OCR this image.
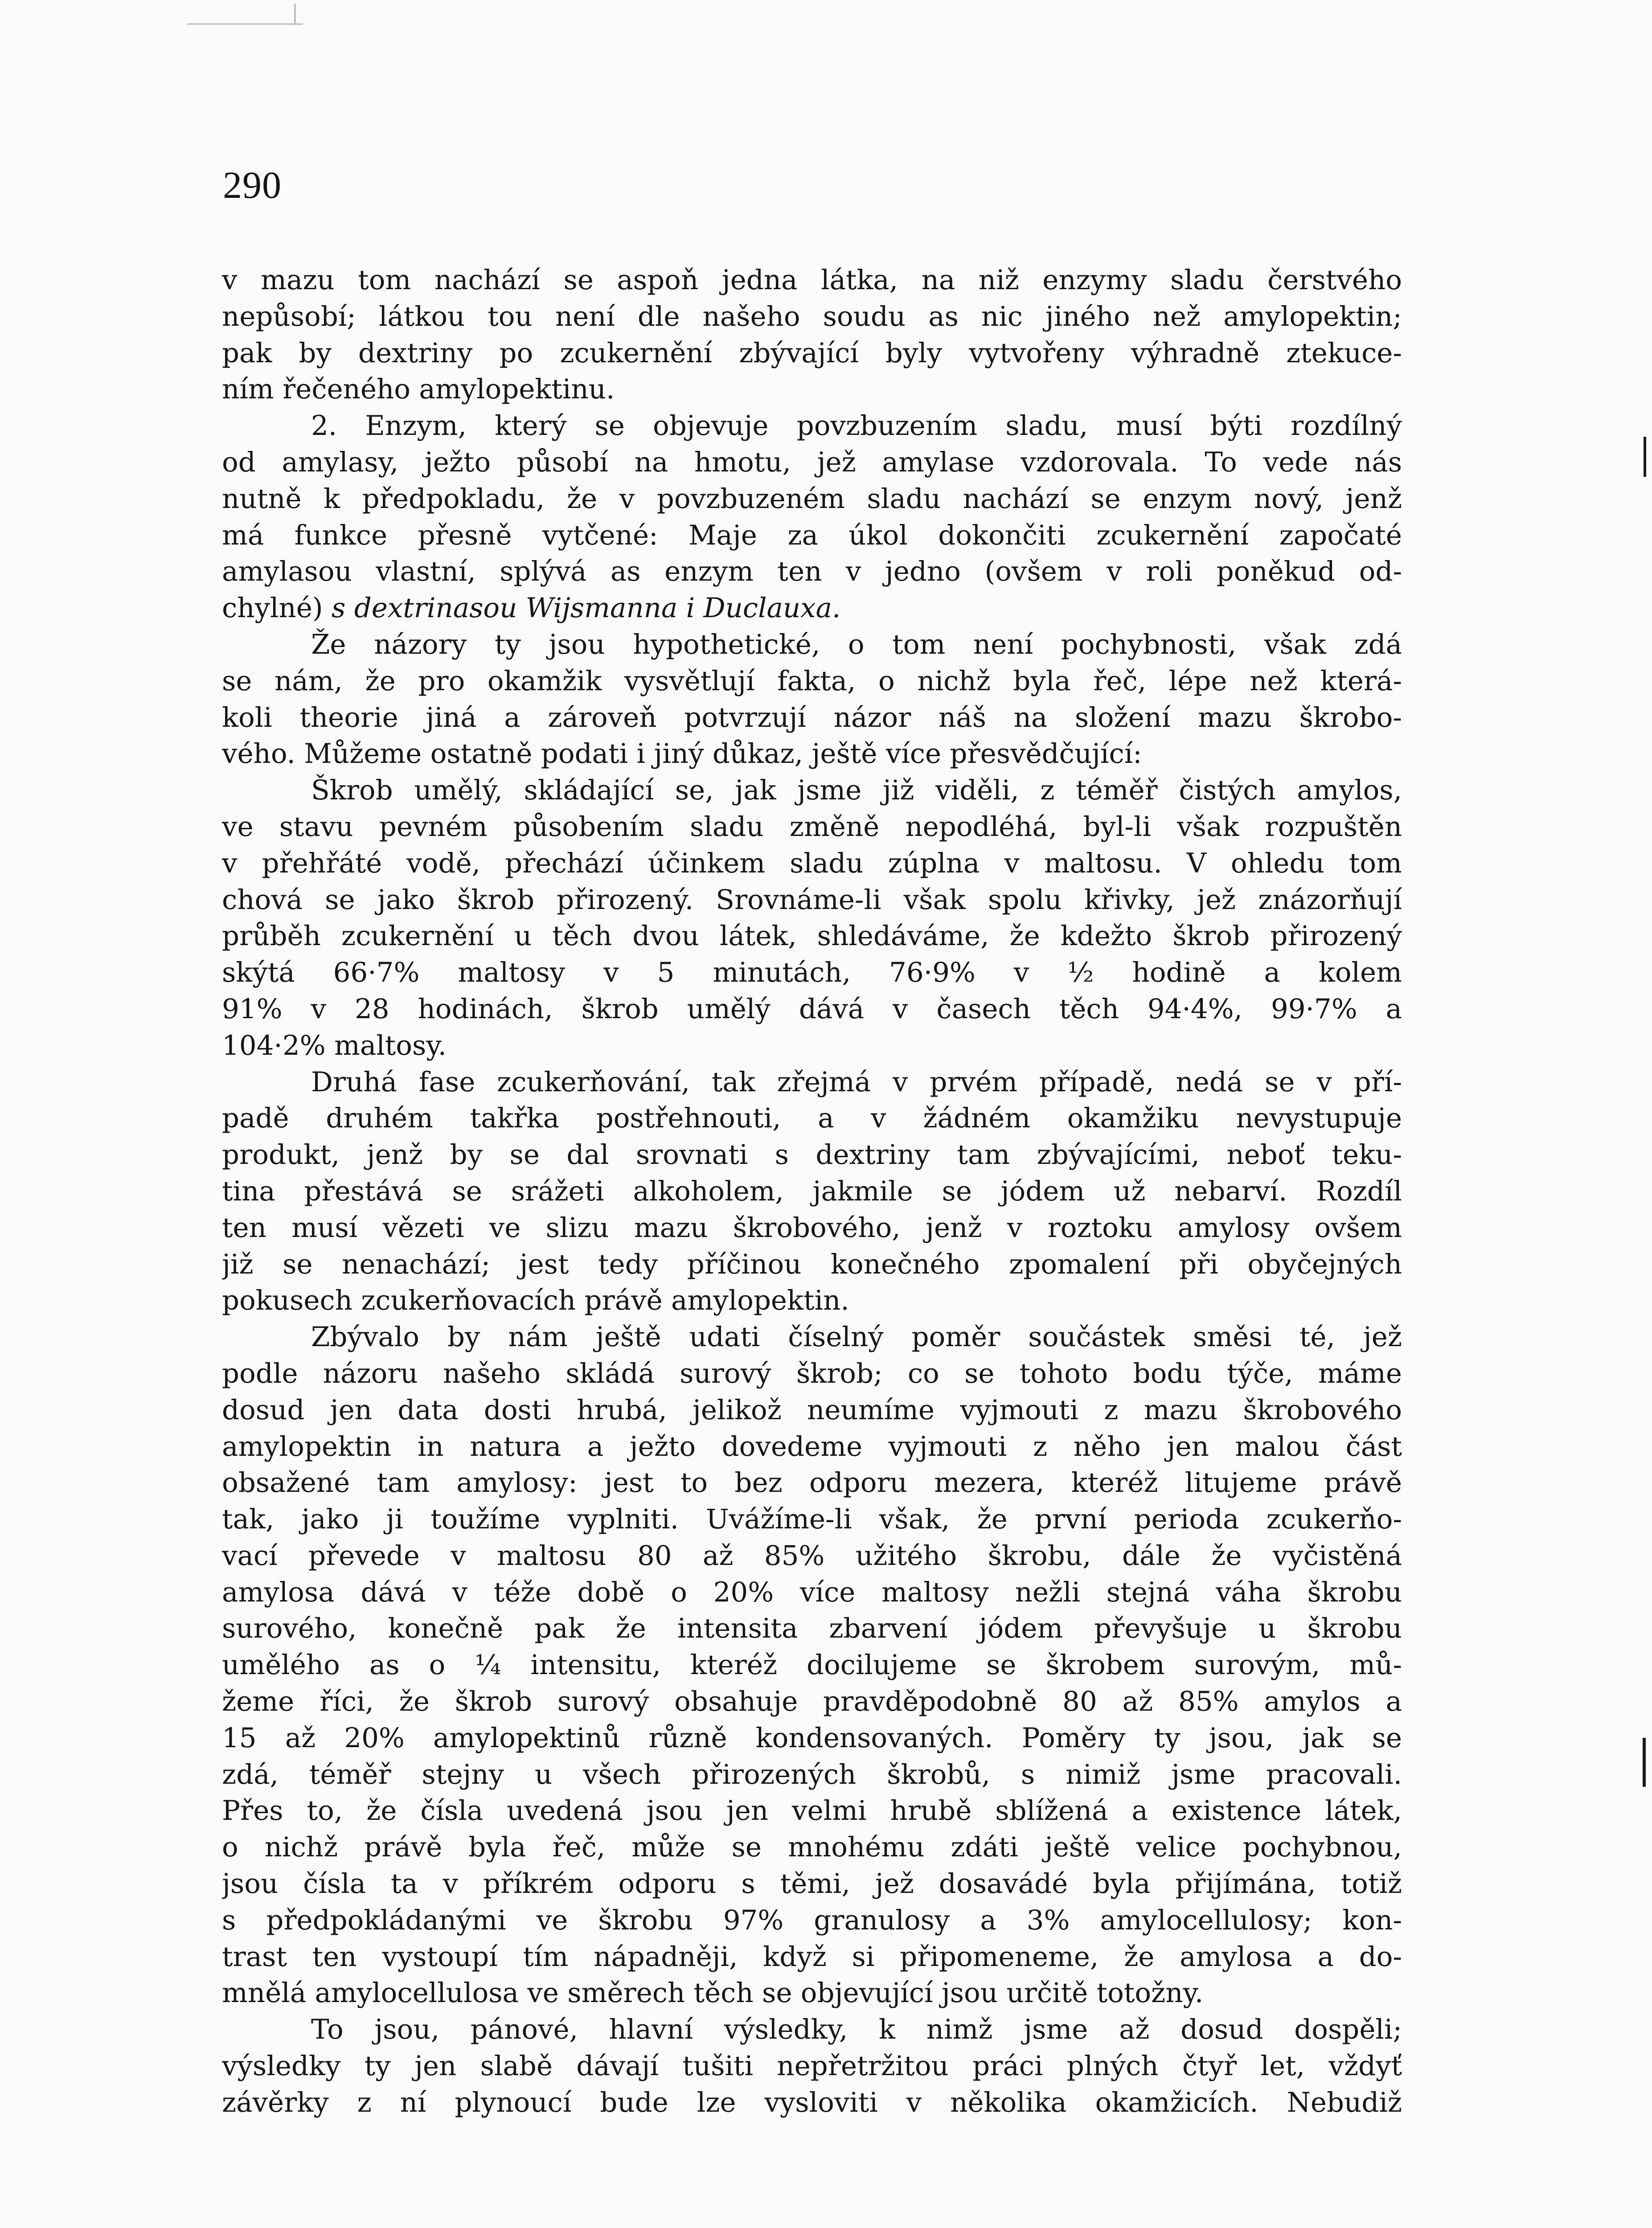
290
v mazu tom nachází se aspoň jedna látka, na niž enzymy sladu čerstvého
nepůsobí; látkou tou není dle našeho soudu as nic jiného než amylopektin;
pak by dextriny po zcukernění zbývající byly vytvořeny výhradně ztekuce-
ním řečeného amylopektinu.
2. Enzym, který se objevuje povzbuzením sladu, musí býti rozdílný
od amylasy, ježto působí na hmotu, jež amylase vzdorovala. To vede nás
nutně k předpokladu, že v povzbuzeném sladu nachází se enzym nový, jenž
má funkce přesně vytčené: Maje za úkol dokončiti zcukernění započaté
amylasou vlastní, splývá as enzym ten v jedno (ovšem v roli poněkud od-
chylné) s dextrinasou Wijsmanna i Duclauxa.
Že názory ty jsou hypothetické, o tom není pochybnosti, však zdá
se nám, že pro okamžik vysvětlují fakta, o nichž byla řeč, lépe než která-
koli theorie jiná a zároveň potvrzují názor náš na složení mazu škrobo-
vého. Můžeme ostatně podati i jiný důkaz, ještě více přesvědčující:
Škrob umělý, skládající se, jak jsme již viděli, z téměř čistých amylos,
ve stavu pevném působením sladu změně nepodléhá, byl-li však rozpuštěn
v přehřáté vodě, přechází účinkem sladu zúplna v maltosu. V ohledu tom
chová se jako škrob přirozený. Srovnáme-li však spolu křivky, jež znázorňují
průběh zcukernění u těch dvou látek, shledáváme, že kdežto škrob přirozený
skýtá 66·7% maltosy v 5 minutách, 76·9% v ½ hodině a kolem
91% v 28 hodinách, škrob umělý dává v časech těch 94·4%, 99·7% a
104·2% maltosy.
Druhá fase zcukerňování, tak zřejmá v prvém případě, nedá se v pří-
padě druhém takřka postřehnouti, a v žádném okamžiku nevystupuje
produkt, jenž by se dal srovnati s dextriny tam zbývajícími, neboť teku-
tina přestává se srážeti alkoholem, jakmile se jódem už nebarví. Rozdíl
ten musí vězeti ve slizu mazu škrobového, jenž v roztoku amylosy ovšem
již se nenachází; jest tedy příčinou konečného zpomalení při obyčejných
pokusech zcukerňovacích právě amylopektin.
Zbývalo by nám ještě udati číselný poměr součástek směsi té, jež
podle názoru našeho skládá surový škrob; co se tohoto bodu týče, máme
dosud jen data dosti hrubá, jelikož neumíme vyjmouti z mazu škrobového
amylopektin in natura a ježto dovedeme vyjmouti z něho jen malou část
obsažené tam amylosy: jest to bez odporu mezera, kteréž litujeme právě
tak, jako ji toužíme vyplniti. Uvážíme-li však, že první perioda zcukerňo-
vací převede v maltosu 80 až 85% užitého škrobu, dále že vyčistěná
amylosa dává v téže době o 20% více maltosy nežli stejná váha škrobu
surového, konečně pak že intensita zbarvení jódem převyšuje u škrobu
umělého as o ¼ intensitu, kteréž docilujeme se škrobem surovým, mů-
žeme říci, že škrob surový obsahuje pravděpodobně 80 až 85% amylos a
15 až 20% amylopektinů různě kondensovaných. Poměry ty jsou, jak se
zdá, téměř stejny u všech přirozených škrobů, s nimiž jsme pracovali.
Přes to, že čísla uvedená jsou jen velmi hrubě sblížená a existence látek,
o nichž právě byla řeč, může se mnohému zdáti ještě velice pochybnou,
jsou čísla ta v příkrém odporu s těmi, jež dosavádé byla přijímána, totiž
s předpokládanými ve škrobu 97% granulosy a 3% amylocellulosy; kon-
trast ten vystoupí tím nápadněji, když si připomeneme, že amylosa a do-
mnělá amylocellulosa ve směrech těch se objevující jsou určitě totožny.
To jsou, pánové, hlavní výsledky, k nimž jsme až dosud dospěli;
výsledky ty jen slabě dávají tušiti nepřetržitou práci plných čtyř let, vždyť
závěrky z ní plynoucí bude lze vysloviti v několika okamžicích. Nebudiž
